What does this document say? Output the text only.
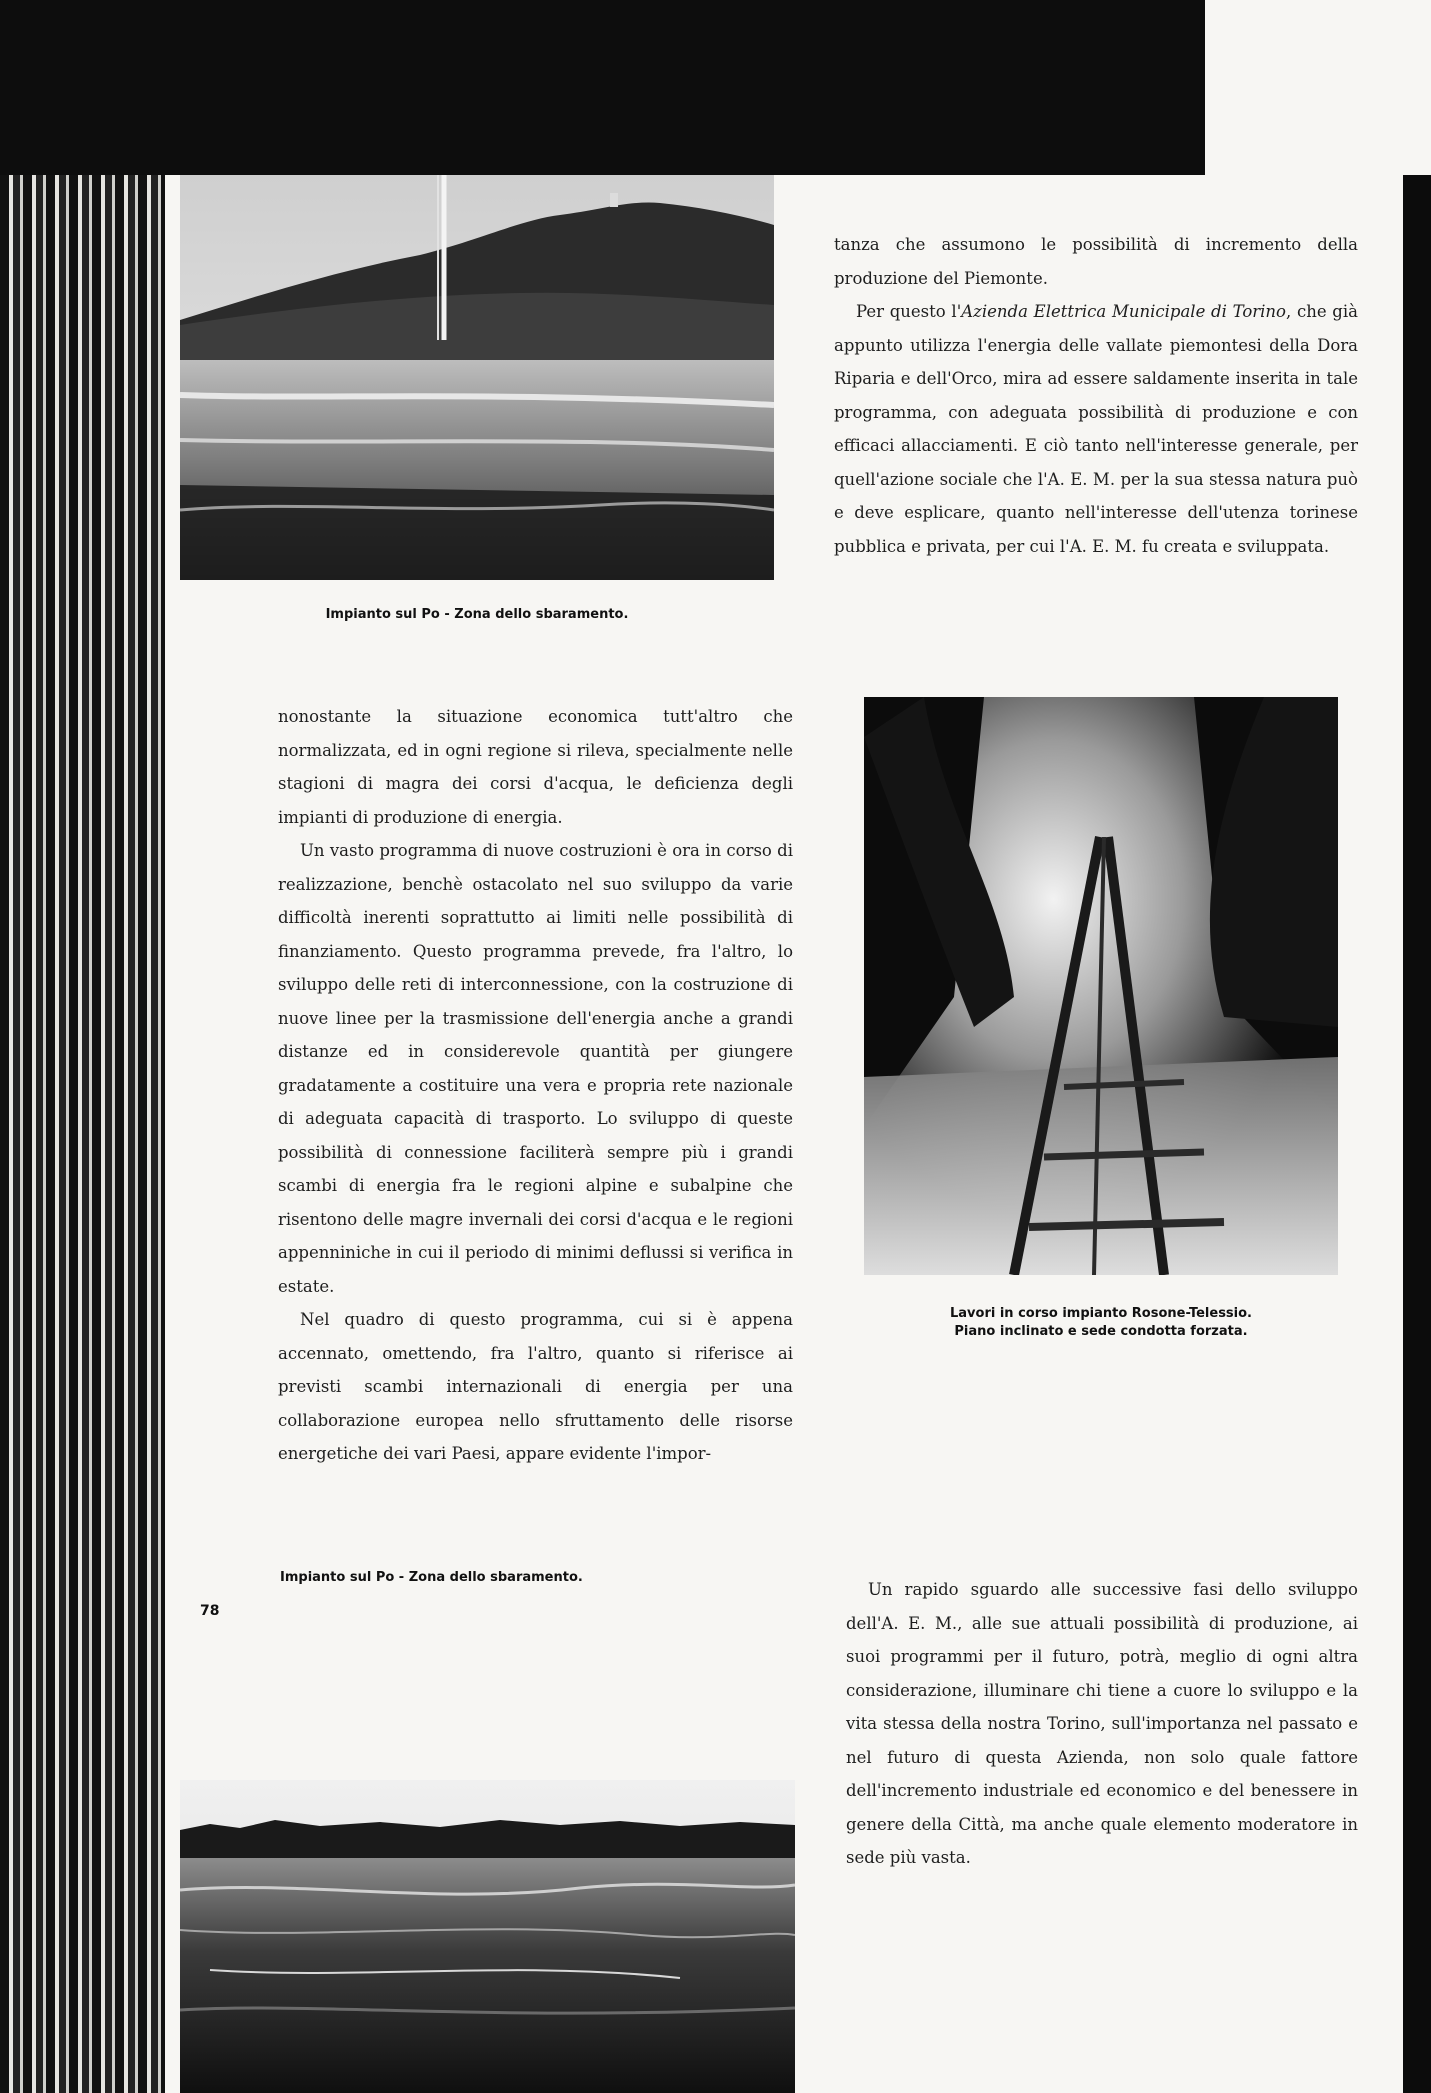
Impianto sul Po - Zona dello sbaramento.

tanza che assumono le possibilità di incremento della produzione del Piemonte.

Per questo l'Azienda Elettrica Municipale di Torino, che già appunto utilizza l'energia delle vallate piemontesi della Dora Riparia e dell'Orco, mira ad essere saldamente inserita in tale programma, con adeguata possibilità di produzione e con efficaci allacciamenti. E ciò tanto nell'interesse generale, per quell'azione sociale che l'A. E. M. per la sua stessa natura può e deve esplicare, quanto nell'interesse dell'utenza torinese pubblica e privata, per cui l'A. E. M. fu creata e sviluppata.

nonostante la situazione economica tutt'altro che normalizzata, ed in ogni regione si rileva, specialmente nelle stagioni di magra dei corsi d'acqua, le deficienza degli impianti di produzione di energia.

Un vasto programma di nuove costruzioni è ora in corso di realizzazione, benchè ostacolato nel suo sviluppo da varie difficoltà inerenti soprattutto ai limiti nelle possibilità di finanziamento. Questo programma prevede, fra l'altro, lo sviluppo delle reti di interconnessione, con la costruzione di nuove linee per la trasmissione dell'energia anche a grandi distanze ed in considerevole quantità per giungere gradatamente a costituire una vera e propria rete nazionale di adeguata capacità di trasporto. Lo sviluppo di queste possibilità di connessione faciliterà sempre più i grandi scambi di energia fra le regioni alpine e subalpine che risentono delle magre invernali dei corsi d'acqua e le regioni appenniniche in cui il periodo di minimi deflussi si verifica in estate.

Nel quadro di questo programma, cui si è appena accennato, omettendo, fra l'altro, quanto si riferisce ai previsti scambi internazionali di energia per una collaborazione europea nello sfruttamento delle risorse energetiche dei vari Paesi, appare evidente l'impor-

Lavori in corso impianto Rosone-Telessio.
Piano inclinato e sede condotta forzata.
Impianto sul Po - Zona dello sbaramento.
78

Un rapido sguardo alle successive fasi dello sviluppo dell'A. E. M., alle sue attuali possibilità di produzione, ai suoi programmi per il futuro, potrà, meglio di ogni altra considerazione, illuminare chi tiene a cuore lo sviluppo e la vita stessa della nostra Torino, sull'importanza nel passato e nel futuro di questa Azienda, non solo quale fattore dell'incremento industriale ed economico e del benessere in genere della Città, ma anche quale elemento moderatore in sede più vasta.
